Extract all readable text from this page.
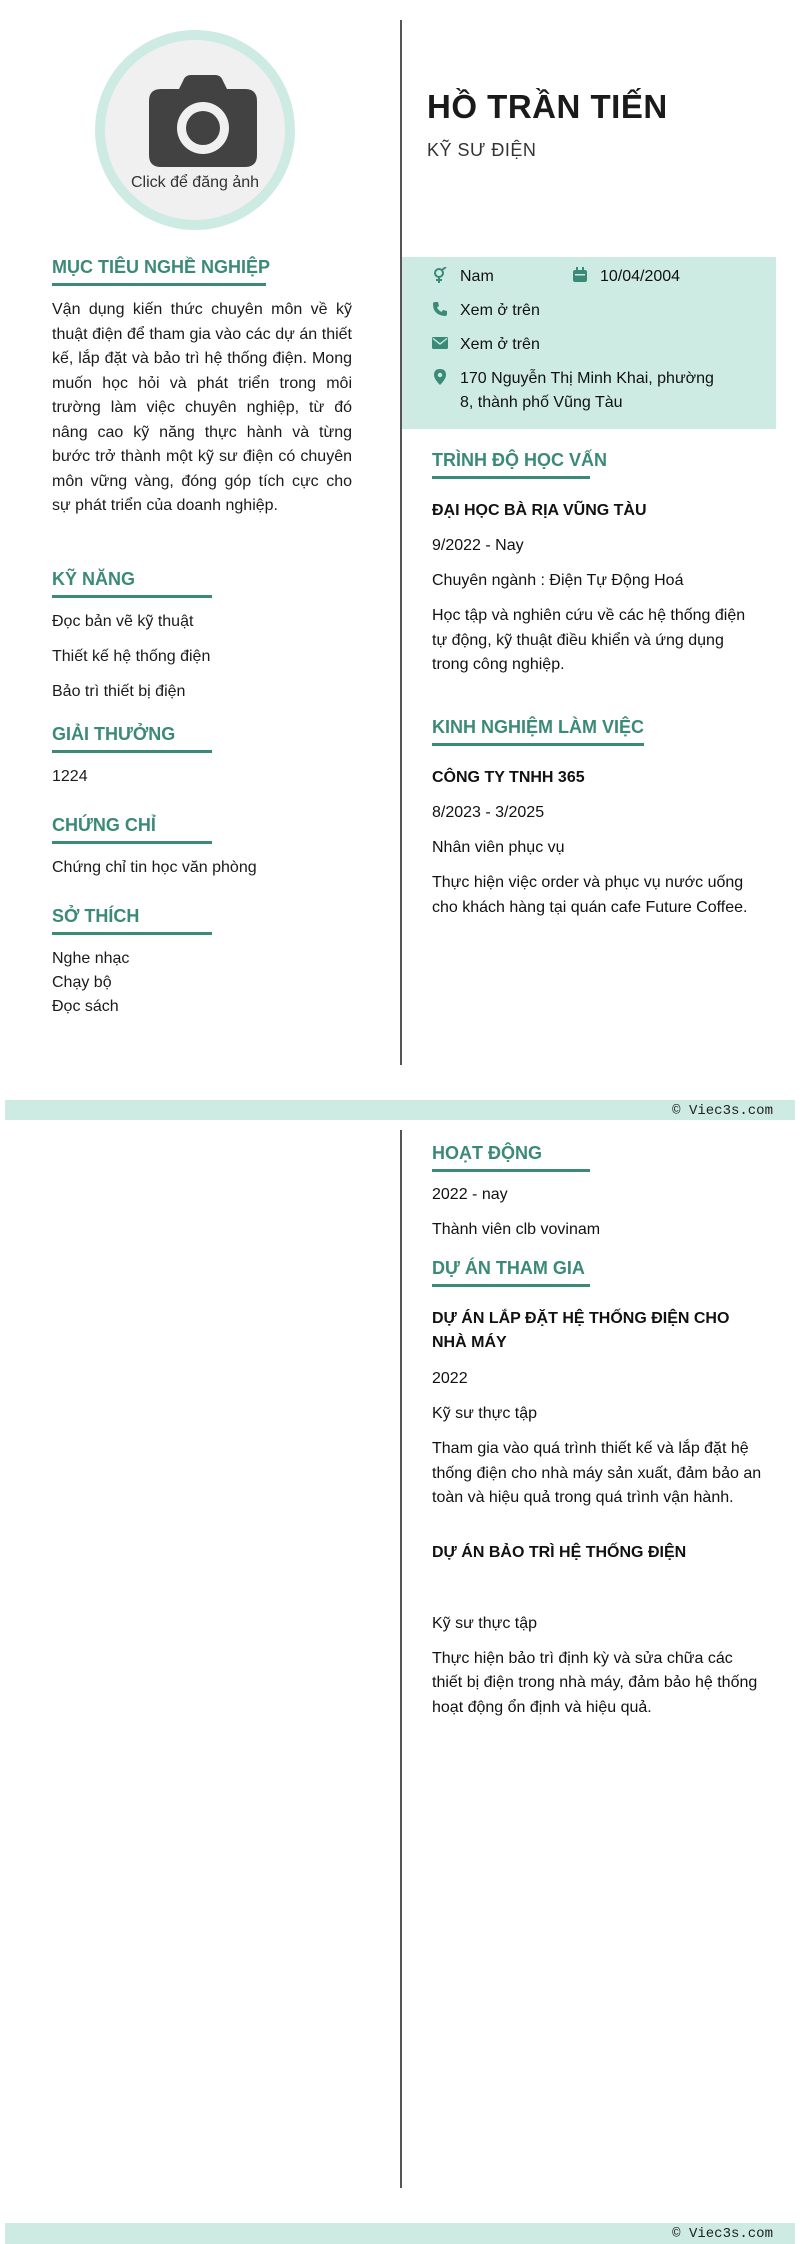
Click để đăng ảnh
MỤC TIÊU NGHỀ NGHIỆP
Vận dụng kiến thức chuyên môn về kỹ thuật điện để tham gia vào các dự án thiết kế, lắp đặt và bảo trì hệ thống điện. Mong muốn học hỏi và phát triển trong môi trường làm việc chuyên nghiệp, từ đó nâng cao kỹ năng thực hành và từng bước trở thành một kỹ sư điện có chuyên môn vững vàng, đóng góp tích cực cho sự phát triển của doanh nghiệp.
KỸ NĂNG

Đọc bản vẽ kỹ thuật

Thiết kế hệ thống điện

Bảo trì thiết bị điện

GIẢI THƯỞNG

1224

CHỨNG CHỈ

Chứng chỉ tin học văn phòng

SỞ THÍCH

Nghe nhạc

Chạy bộ

Đọc sách

HỒ TRẦN TIẾN
KỸ SƯ ĐIỆN
Nam	10/04/2004
Xem ở trên
Xem ở trên
170 Nguyễn Thị Minh Khai, phường
8, thành phố Vũng Tàu
TRÌNH ĐỘ HỌC VẤN
ĐẠI HỌC BÀ RỊA VŨNG TÀU
9/2022 - Nay
Chuyên ngành : Điện Tự Động Hoá
Học tập và nghiên cứu về các hệ thống điện tự động, kỹ thuật điều khiển và ứng dụng trong công nghiệp.
KINH NGHIỆM LÀM VIỆC
CÔNG TY TNHH 365
8/2023 - 3/2025
Nhân viên phục vụ
Thực hiện việc order và phục vụ nước uống cho khách hàng tại quán cafe Future Coffee.
© Viec3s.com
HOẠT ĐỘNG
2022 - nay
Thành viên clb vovinam
DỰ ÁN THAM GIA
DỰ ÁN LẮP ĐẶT HỆ THỐNG ĐIỆN CHO
NHÀ MÁY
2022
Kỹ sư thực tập
Tham gia vào quá trình thiết kế và lắp đặt hệ thống điện cho nhà máy sản xuất, đảm bảo an toàn và hiệu quả trong quá trình vận hành.
DỰ ÁN BẢO TRÌ HỆ THỐNG ĐIỆN
Kỹ sư thực tập
Thực hiện bảo trì định kỳ và sửa chữa các thiết bị điện trong nhà máy, đảm bảo hệ thống hoạt động ổn định và hiệu quả.
© Viec3s.com
